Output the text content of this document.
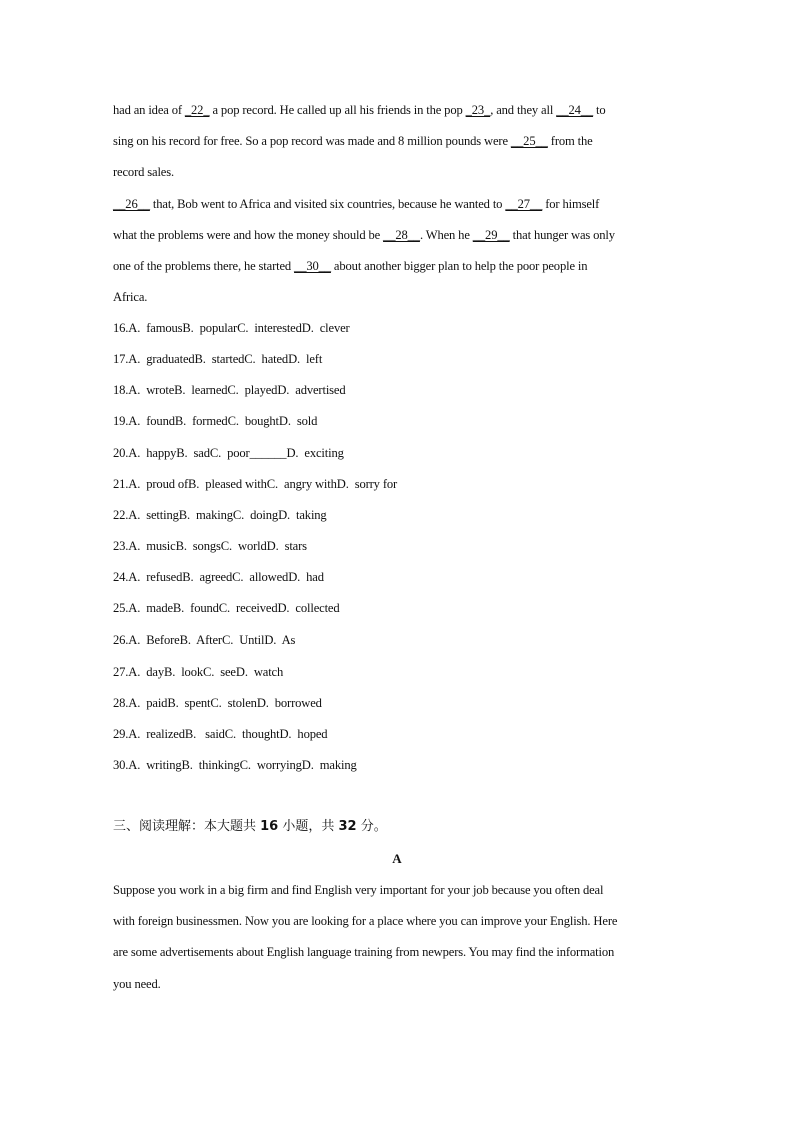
had an idea of _22_ a pop record. He called up all his friends in the pop _23_, and they all __24__ to
sing on his record for free. So a pop record was made and 8 million pounds were __25__ from the
record sales.
__26__ that, Bob went to Africa and visited six countries, because he wanted to __27__ for himself
what the problems were and how the money should be __28__. When he __29__ that hunger was only
one of the problems there, he started __30__ about another bigger plan to help the poor people in
Africa.
16.A.  famousB.  popularC.  interestedD.  clever
17.A.  graduatedB.  startedC.  hatedD.  left
18.A.  wroteB.  learnedC.  playedD.  advertised
19.A.  foundB.  formedC.  boughtD.  sold
20.A.  happyB.  sadC.  poor______D.  exciting
21.A.  proud ofB.  pleased withC.  angry withD.  sorry for
22.A.  settingB.  makingC.  doingD.  taking
23.A.  musicB.  songsC.  worldD.  stars
24.A.  refusedB.  agreedC.  allowedD.  had
25.A.  madeB.  foundC.  receivedD.  collected
26.A.  BeforeB.  AfterC.  UntilD.  As
27.A.  dayB.  lookC.  seeD.  watch
28.A.  paidB.  spentC.  stolenD.  borrowed
29.A.  realizedB.   saidC.  thoughtD.  hoped
30.A.  writingB.  thinkingC.  worryingD.  making
三、阅读理解：本大题共 16 小题，共 32 分。
A
Suppose you work in a big firm and find English very important for your job because you often deal
with foreign businessmen. Now you are looking for a place where you can improve your English. Here
are some advertisements about English language training from newpers. You may find the information
you need.
